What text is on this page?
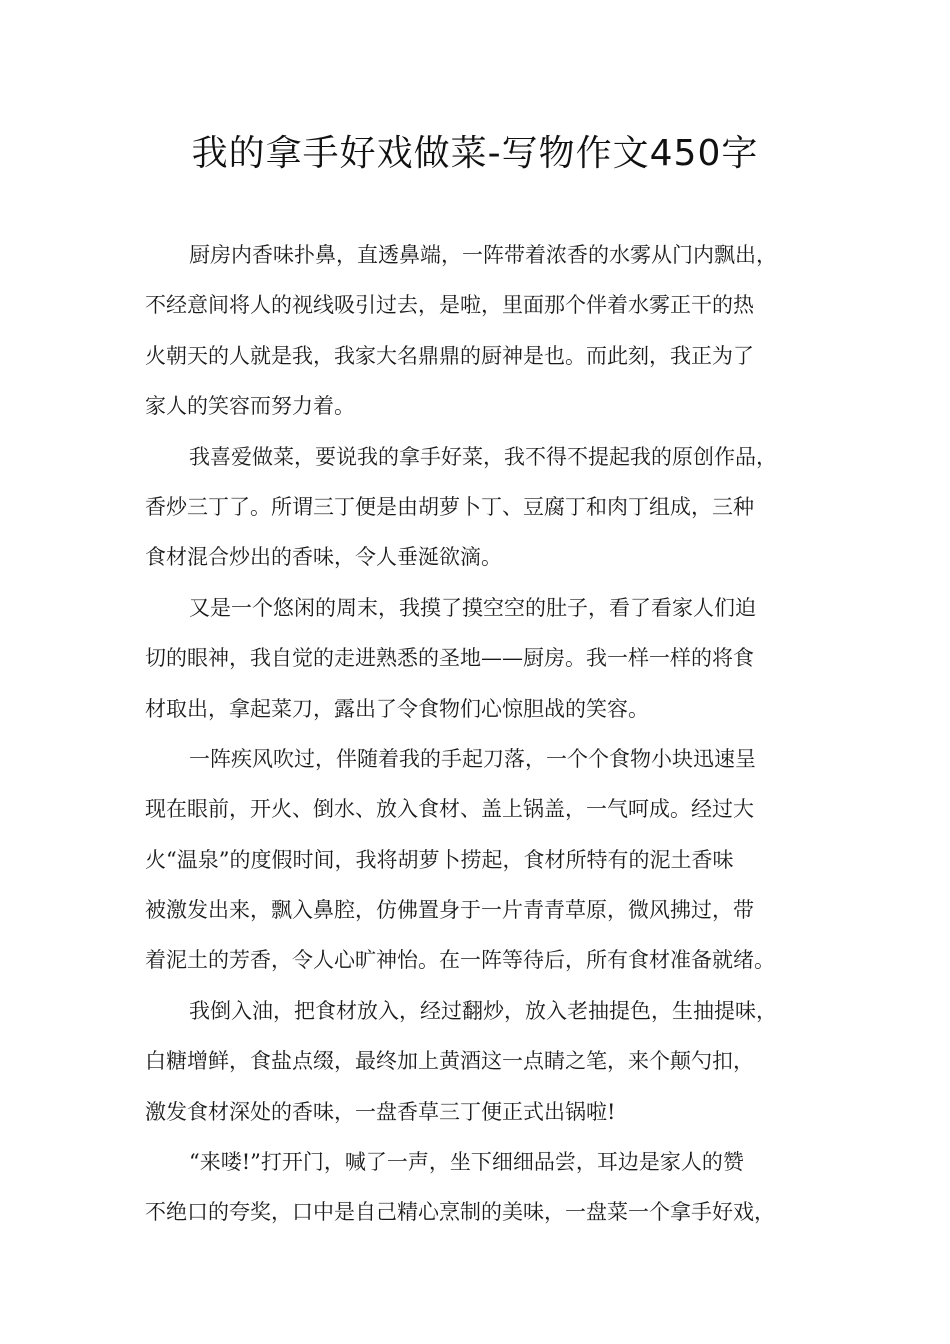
我的拿手好戏做菜-写物作文450字
厨房内香味扑鼻，直透鼻端，一阵带着浓香的水雾从门内飘出，
不经意间将人的视线吸引过去，是啦，里面那个伴着水雾正干的热
火朝天的人就是我，我家大名鼎鼎的厨神是也。而此刻，我正为了
家人的笑容而努力着。
我喜爱做菜，要说我的拿手好菜，我不得不提起我的原创作品，
香炒三丁了。所谓三丁便是由胡萝卜丁、豆腐丁和肉丁组成，三种
食材混合炒出的香味，令人垂涎欲滴。
又是一个悠闲的周末，我摸了摸空空的肚子，看了看家人们迫
切的眼神，我自觉的走进熟悉的圣地——厨房。我一样一样的将食
材取出，拿起菜刀，露出了令食物们心惊胆战的笑容。
一阵疾风吹过，伴随着我的手起刀落，一个个食物小块迅速呈
现在眼前，开火、倒水、放入食材、盖上锅盖，一气呵成。经过大
火“温泉”的度假时间，我将胡萝卜捞起，食材所特有的泥土香味
被激发出来，飘入鼻腔，仿佛置身于一片青青草原，微风拂过，带
着泥土的芳香，令人心旷神怡。在一阵等待后，所有食材准备就绪。
我倒入油，把食材放入，经过翻炒，放入老抽提色，生抽提味，
白糖增鲜，食盐点缀，最终加上黄酒这一点睛之笔，来个颠勺扣，
激发食材深处的香味，一盘香草三丁便正式出锅啦!
“来喽!”打开门，喊了一声，坐下细细品尝，耳边是家人的赞
不绝口的夸奖，口中是自己精心烹制的美味，一盘菜一个拿手好戏，
